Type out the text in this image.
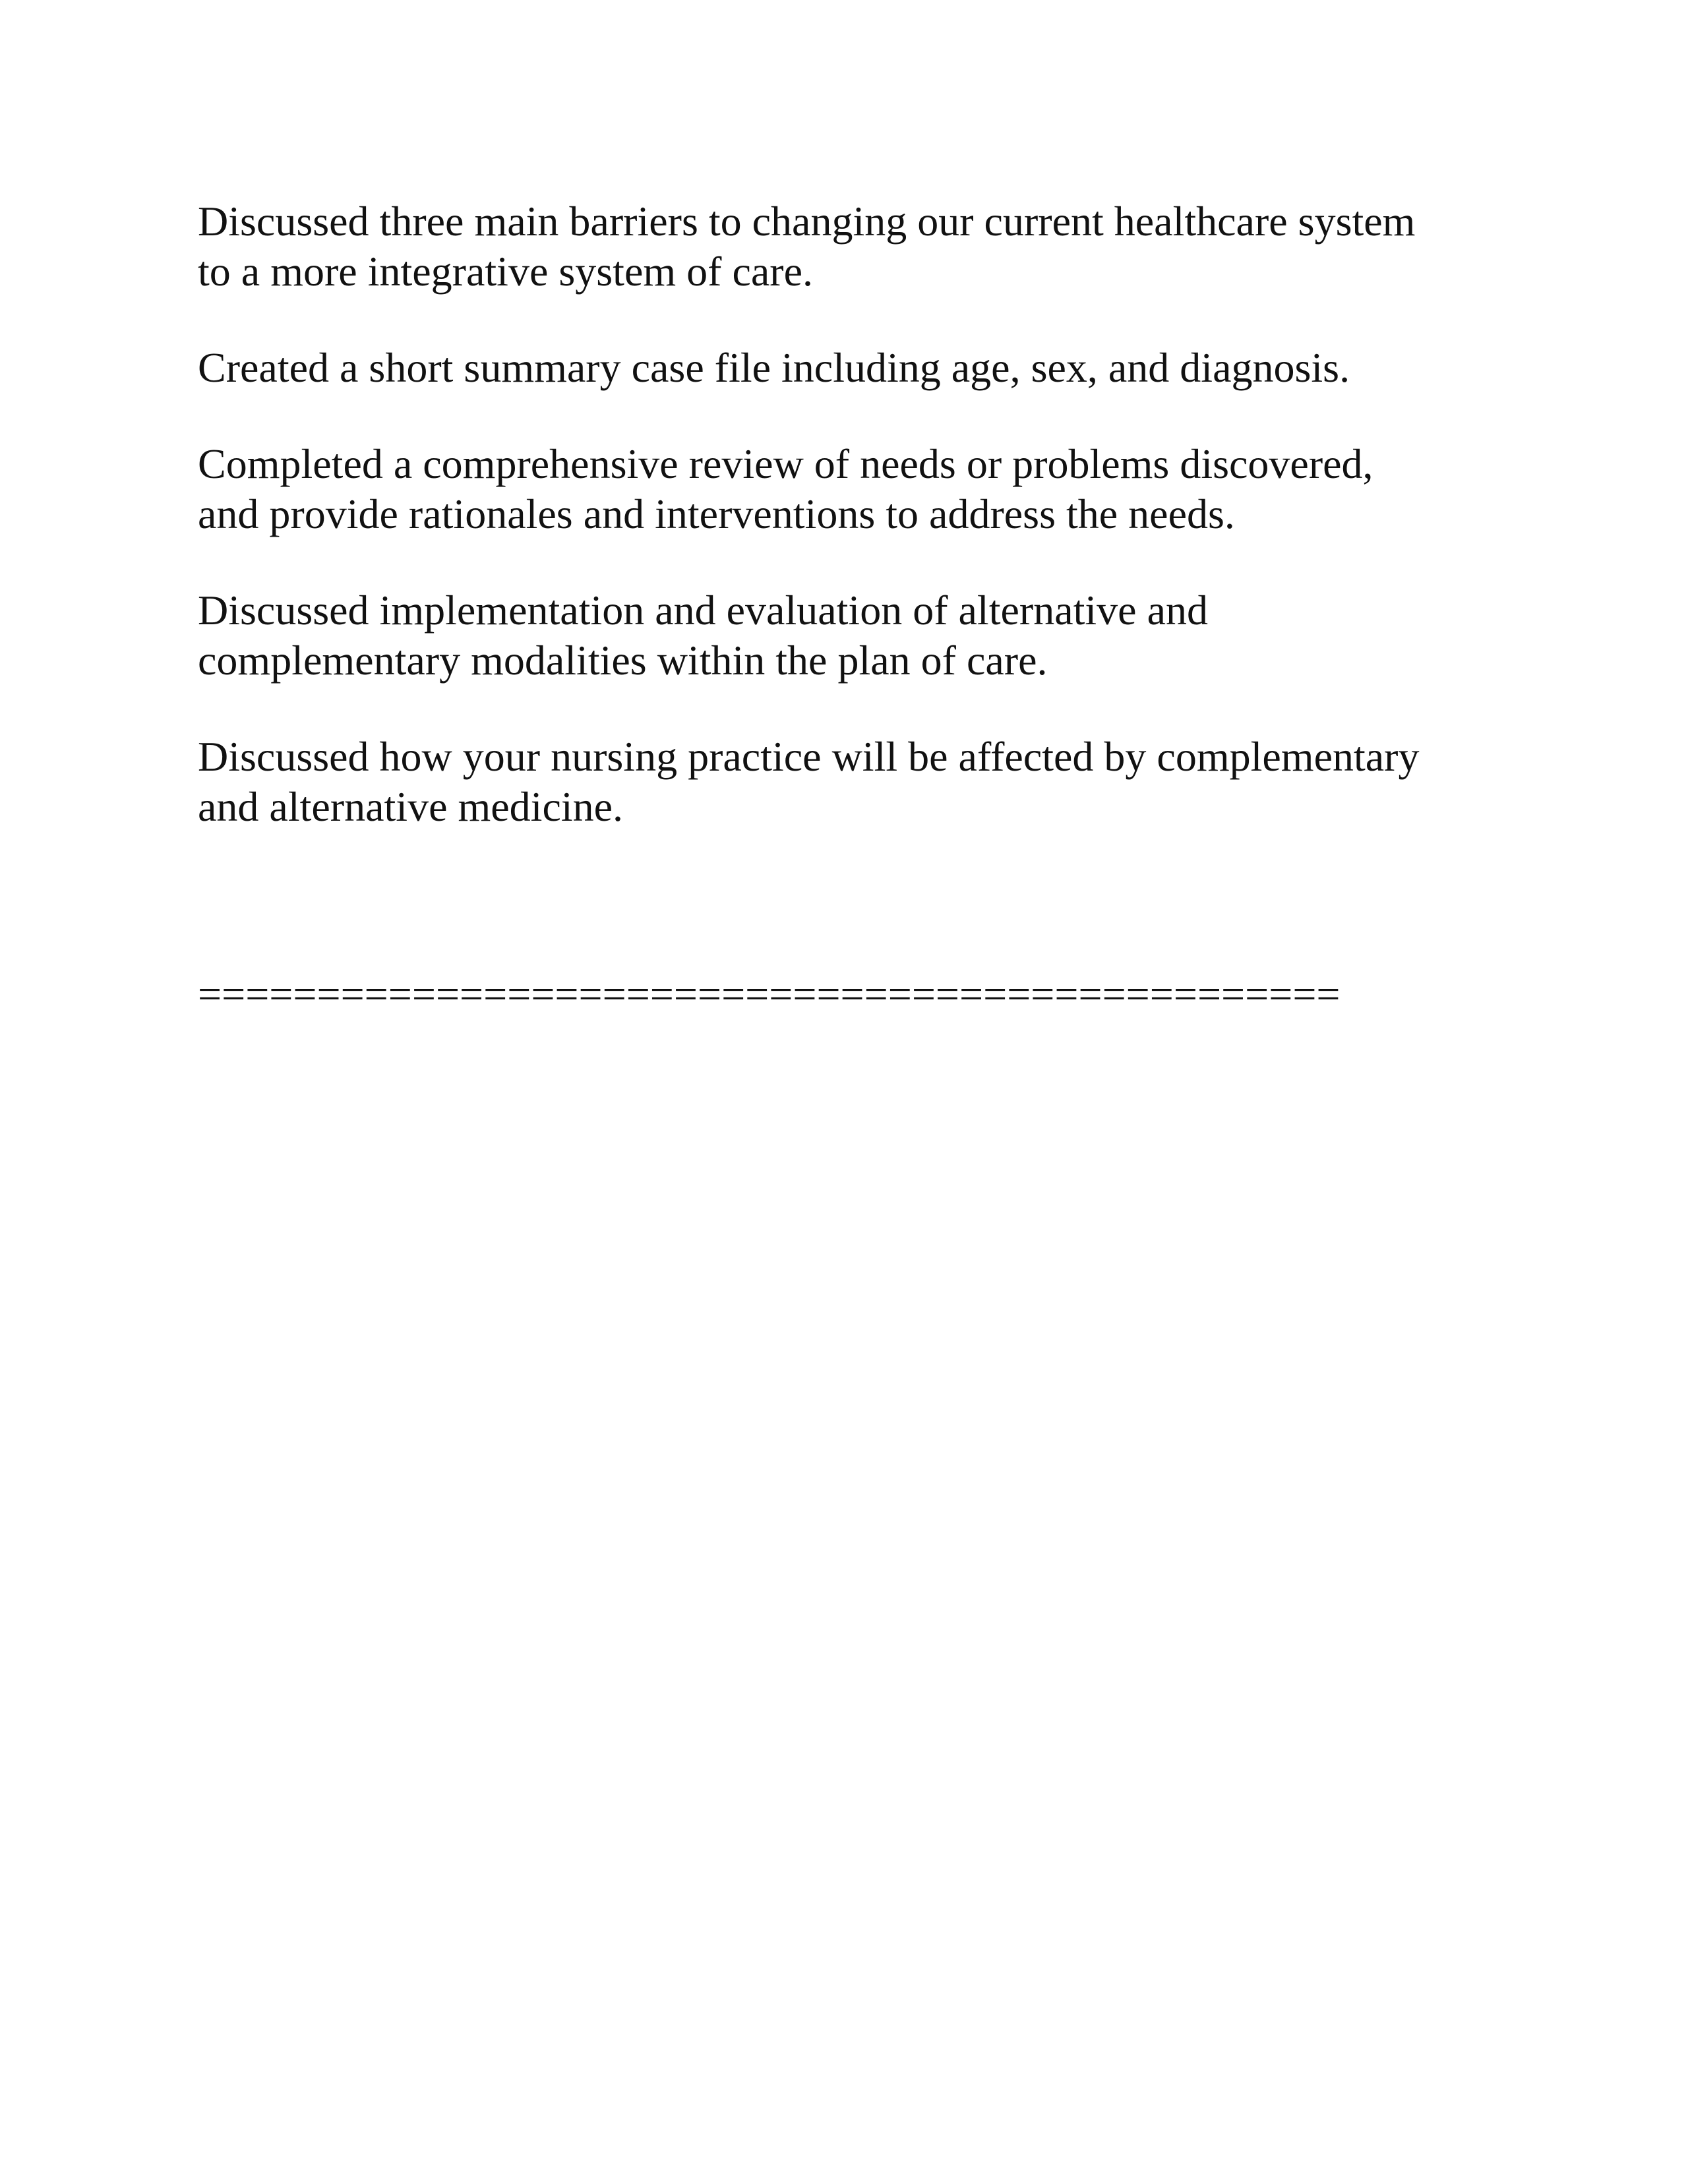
Discussed three main barriers to changing our current healthcare system
to a more integrative system of care.

Created a short summary case file including age, sex, and diagnosis.

Completed a comprehensive review of needs or problems discovered,
and provide rationales and interventions to address the needs.

Discussed implementation and evaluation of alternative and
complementary modalities within the plan of care.

Discussed how your nursing practice will be affected by complementary
and alternative medicine.

================================================
